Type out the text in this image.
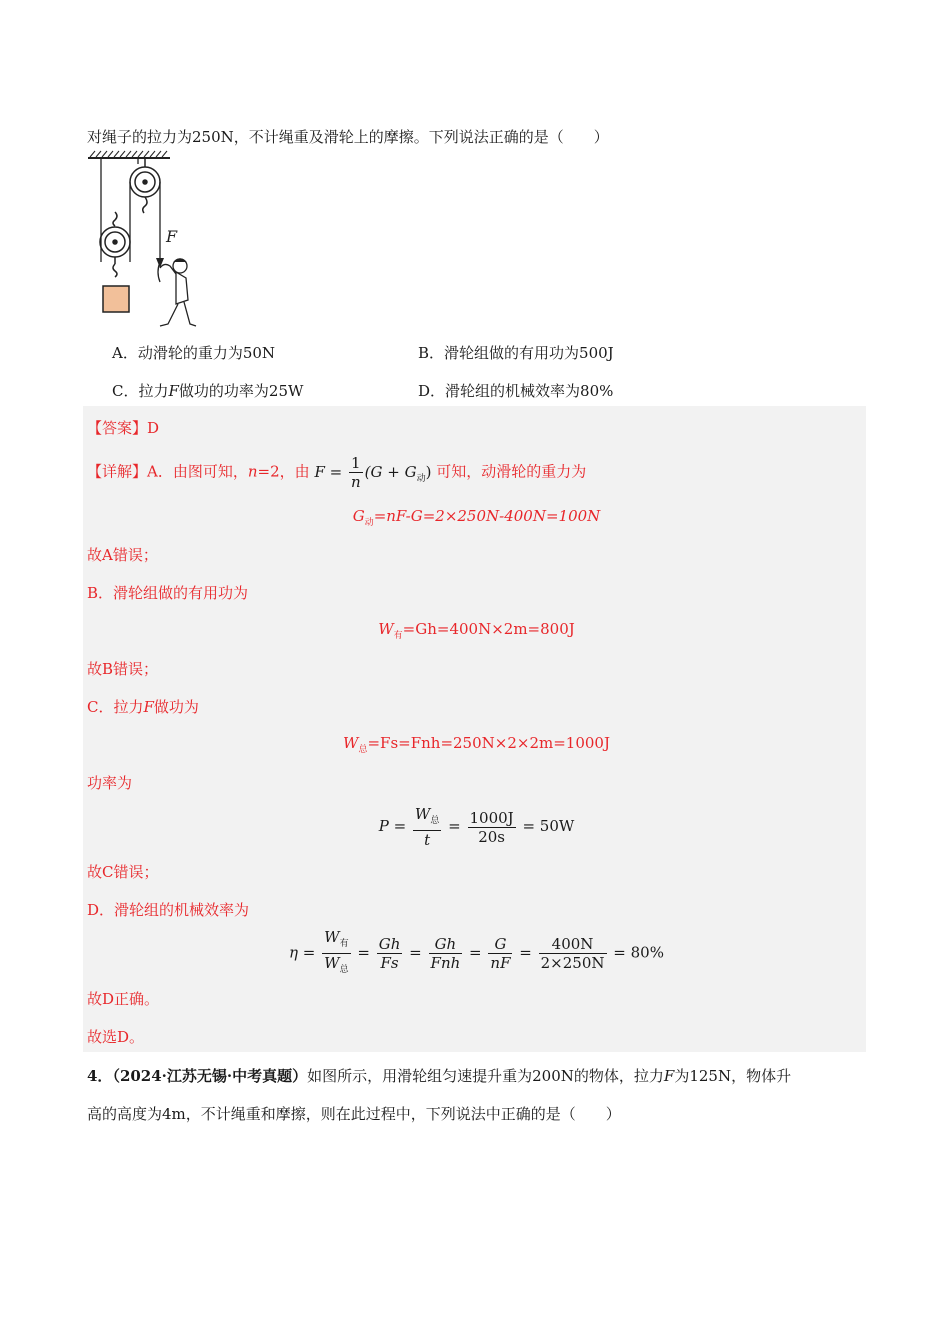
对绳子的拉力为250N，不计绳重及滑轮上的摩擦。下列说法正确的是（　　）
F
A．动滑轮的重力为50N	B．滑轮组做的有用功为500J
C．拉力F做功的功率为25W	D．滑轮组的机械效率为80%
【答案】D
【详解】A．由图可知，n=2，由 $F = \frac{1}{n} (G + G_动)$ 可知，动滑轮的重力为
$G_动=nF-G=2\times 250N-400N=100N$
故A错误；
B．滑轮组做的有用功为
$W_有=Gh=400N\times 2m=800J$
故B错误；
C．拉力F做功为
$W_总=Fs=Fnh=250N\times 2\times 2m=1000J$
功率为
$P = \frac{W_总}{t} = \frac{1000J}{20s} = 50W$
故C错误；
D．滑轮组的机械效率为
$\eta = \frac{W_有}{W_总} = \frac{Gh}{Fs} = \frac{Gh}{\text{Fnh}} = \frac{G}{nF} = \frac{400N}{2\times 250N} = 80\%$
故D正确。
故选D。
4．（2024·江苏无锡·中考真题）如图所示，用滑轮组匀速提升重为200N的物体，拉力F为125N，物体升
高的高度为4m，不计绳重和摩擦，则在此过程中，下列说法中正确的是（　　）
